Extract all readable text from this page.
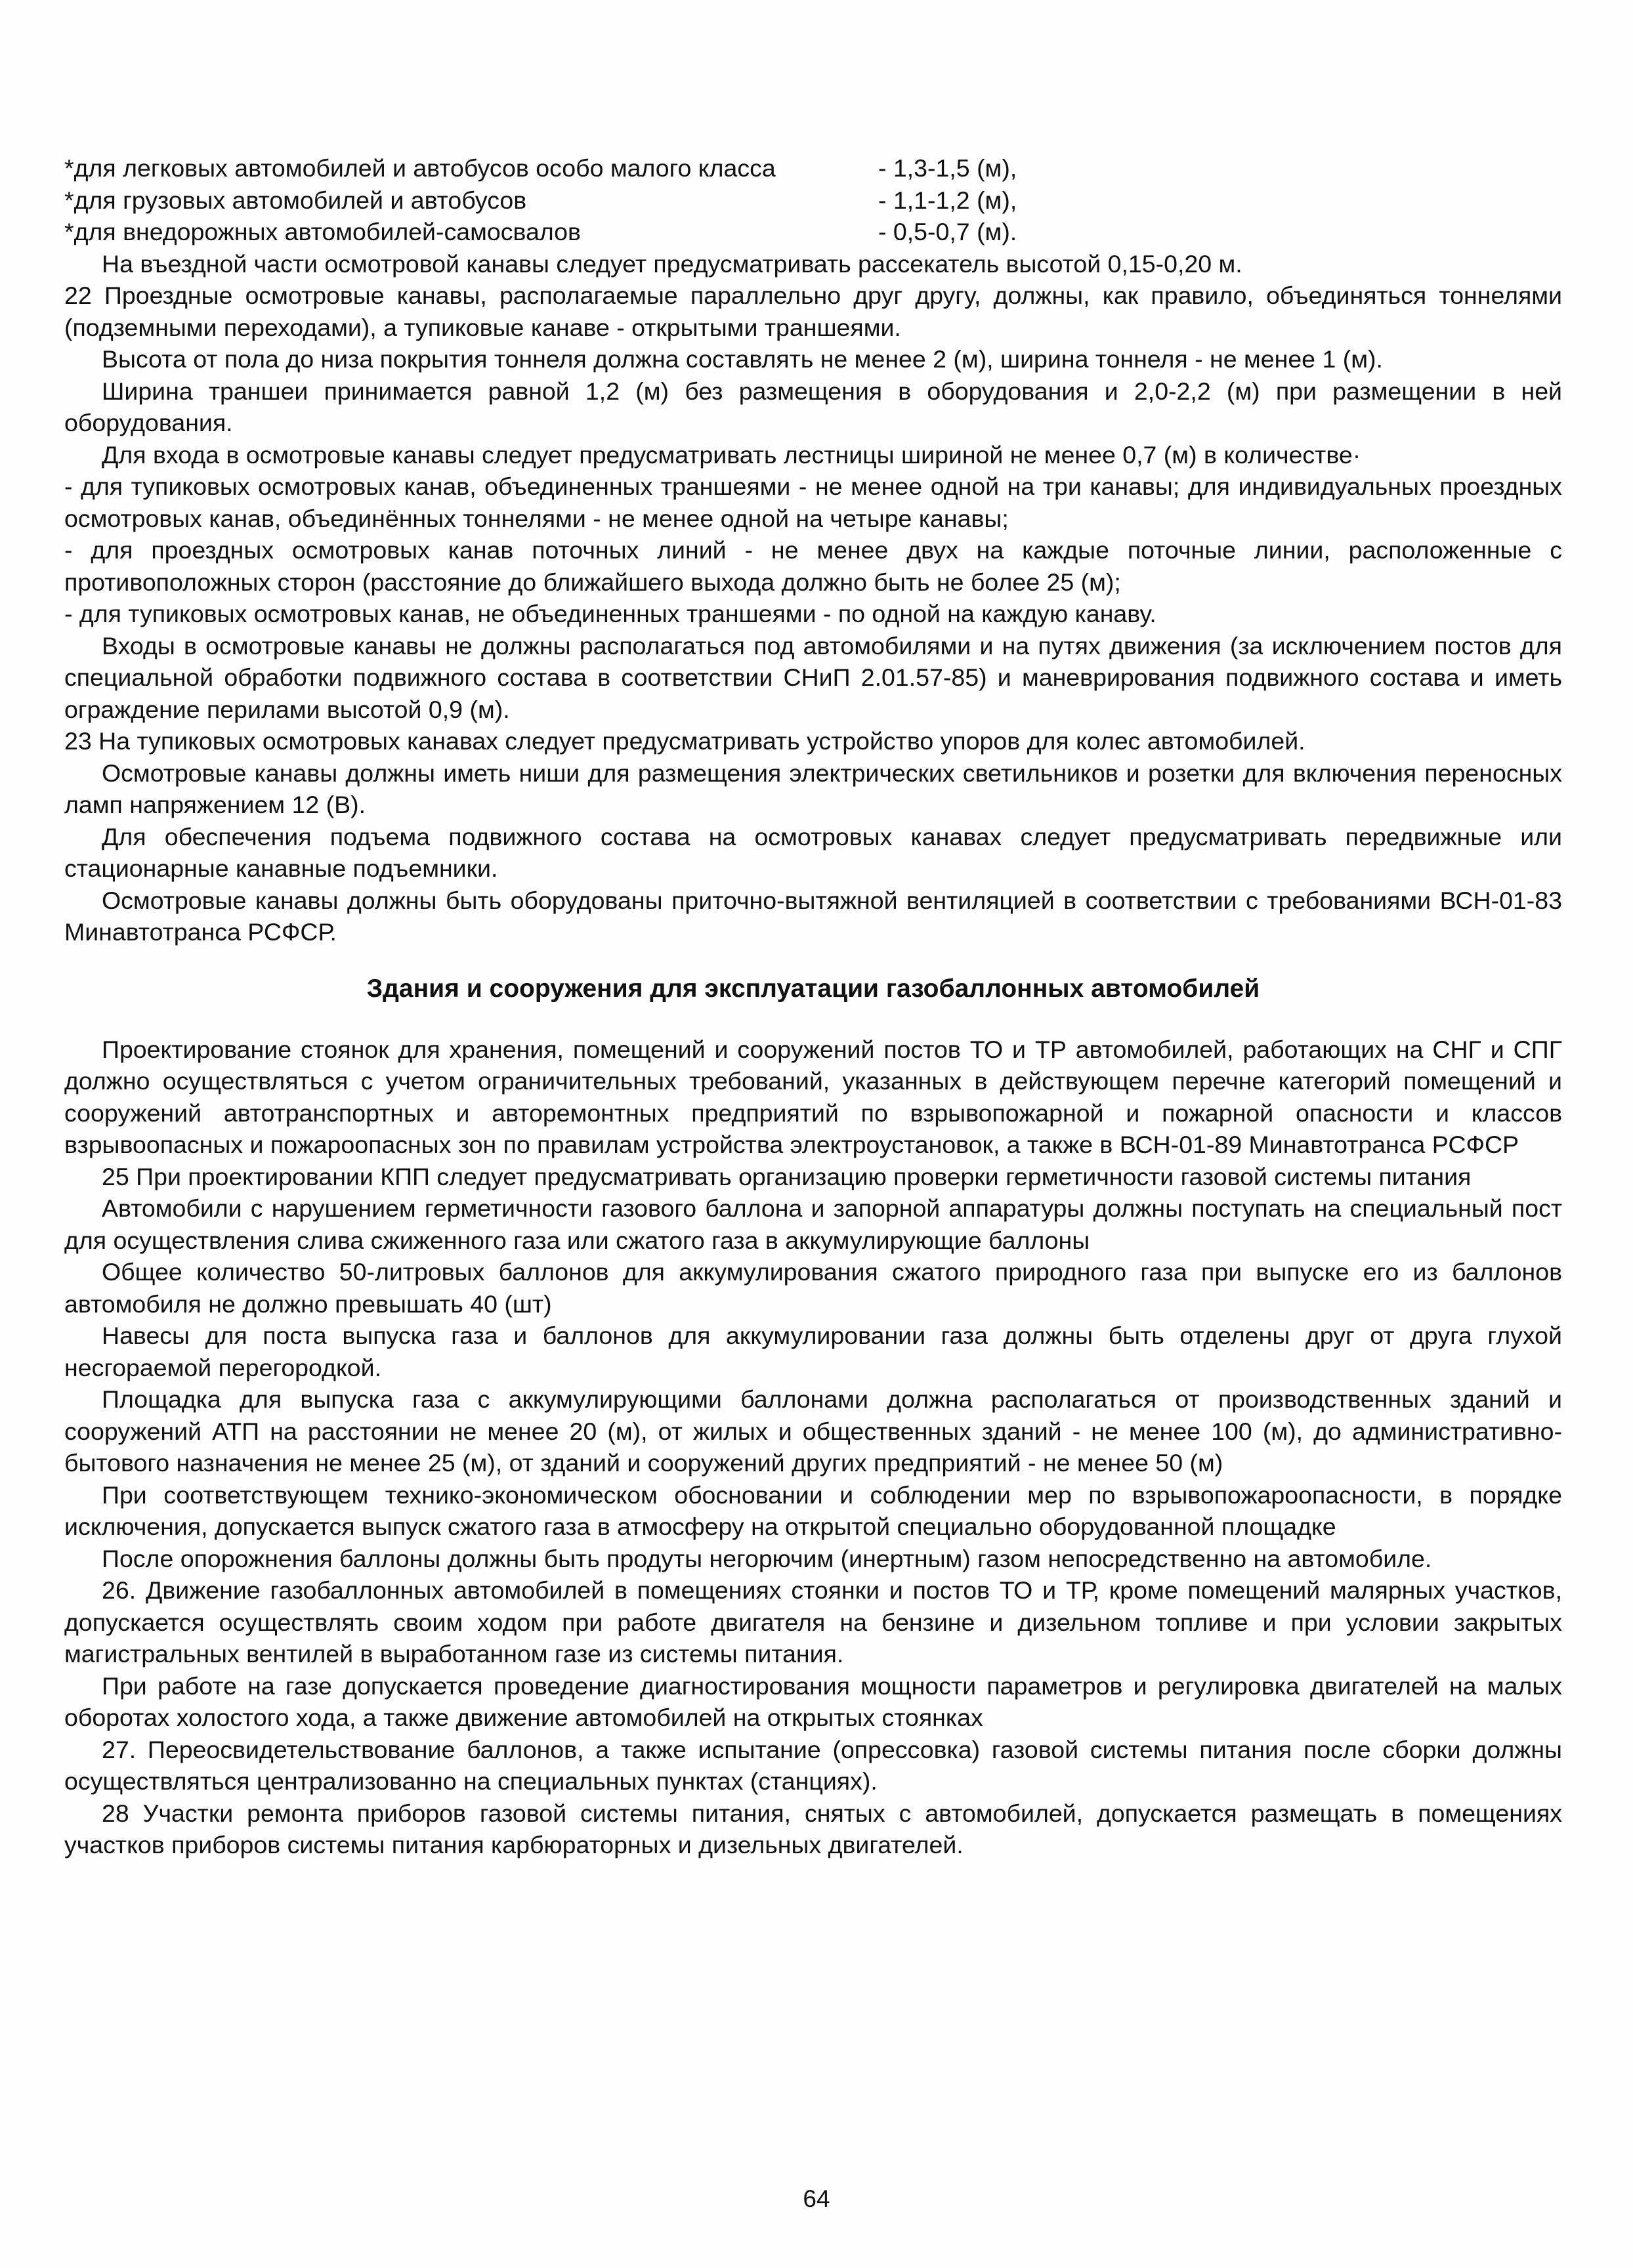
*для легковых автомобилей и автобусов особо малого класса	- 1,3-1,5 (м),
*для грузовых автомобилей и автобусов	- 1,1-1,2 (м),
*для внедорожных автомобилей-самосвалов	- 0,5-0,7 (м).

На въездной части осмотровой канавы следует предусматривать рассекатель высотой 0,15-0,20 м.

22 Проездные осмотровые канавы, располагаемые параллельно друг другу, должны, как правило, объединяться тоннелями (подземными переходами), а тупиковые канаве - открытыми траншеями.

Высота от пола до низа покрытия тоннеля должна составлять не менее 2 (м), ширина тоннеля - не менее 1 (м).

Ширина траншеи принимается равной 1,2 (м) без размещения в оборудования и 2,0-2,2 (м) при размещении в ней оборудования.

Для входа в осмотровые канавы следует предусматривать лестницы шириной не менее 0,7 (м) в количестве·

- для тупиковых осмотровых канав, объединенных траншеями - не менее одной на три канавы; для индивидуальных проездных осмотровых канав, объединённых тоннелями - не менее одной на четыре канавы;

- для проездных осмотровых канав поточных линий - не менее двух на каждые поточные линии, расположенные с противоположных сторон (расстояние до ближайшего выхода должно быть не более 25 (м);

- для тупиковых осмотровых канав, не объединенных траншеями - по одной на каждую канаву.

Входы в осмотровые канавы не должны располагаться под автомобилями и на путях движения (за исключением постов для специальной обработки подвижного состава в соответствии СНиП 2.01.57-85) и маневрирования подвижного состава и иметь ограждение перилами высотой 0,9 (м).

23 На тупиковых осмотровых канавах следует предусматривать устройство упоров для колес автомобилей.

Осмотровые канавы должны иметь ниши для размещения электрических светильников и розетки для включения переносных ламп напряжением 12 (В).

Для обеспечения подъема подвижного состава на осмотровых канавах следует предусматривать передвижные или стационарные канавные подъемники.

Осмотровые канавы должны быть оборудованы приточно-вытяжной вентиляцией в соответствии с требованиями ВСН-01-83 Минавтотранса РСФСР.

Здания и сооружения для эксплуатации газобаллонных автомобилей

Проектирование стоянок для хранения, помещений и сооружений постов ТО и ТР автомобилей, работающих на СНГ и СПГ должно осуществляться с учетом ограничительных требований, указанных в действующем перечне категорий помещений и сооружений автотранспортных и авторемонтных предприятий по взрывопожарной и пожарной опасности и классов взрывоопасных и пожароопасных зон по правилам устройства электроустановок, а также в ВСН-01-89 Минавтотранса РСФСР

25 При проектировании КПП следует предусматривать организацию проверки герметичности газовой системы питания

Автомобили с нарушением герметичности газового баллона и запорной аппаратуры должны поступать на специальный пост для осуществления слива сжиженного газа или сжатого газа в аккумулирующие баллоны

Общее количество 50-литровых баллонов для аккумулирования сжатого природного газа при выпуске его из баллонов автомобиля не должно превышать 40 (шт)

Навесы для поста выпуска газа и баллонов для аккумулировании газа должны быть отделены друг от друга глухой несгораемой перегородкой.

Площадка для выпуска газа с аккумулирующими баллонами должна располагаться от производственных зданий и сооружений АТП на расстоянии не менее 20 (м), от жилых и общественных зданий - не менее 100 (м), до административно-бытового назначения не менее 25 (м), от зданий и сооружений других предприятий - не менее 50 (м)

При соответствующем технико-экономическом обосновании и соблюдении мер по взрывопожароопасности, в порядке исключения, допускается выпуск сжатого газа в атмосферу на открытой специально оборудованной площадке

После опорожнения баллоны должны быть продуты негорючим (инертным) газом непосредственно на автомобиле.

26. Движение газобаллонных автомобилей в помещениях стоянки и постов ТО и ТР, кроме помещений малярных участков, допускается осуществлять своим ходом при работе двигателя на бензине и дизельном топливе и при условии закрытых магистральных вентилей в выработанном газе из системы питания.

При работе на газе допускается проведение диагностирования мощности параметров и регулировка двигателей на малых оборотах холостого хода, а также движение автомобилей на открытых стоянках

27. Переосвидетельствование баллонов, а также испытание (опрессовка) газовой системы питания после сборки должны осуществляться централизованно на специальных пунктах (станциях).

28 Участки ремонта приборов газовой системы питания, снятых с автомобилей, допускается размещать в помещениях участков приборов системы питания карбюраторных и дизельных двигателей.

64
